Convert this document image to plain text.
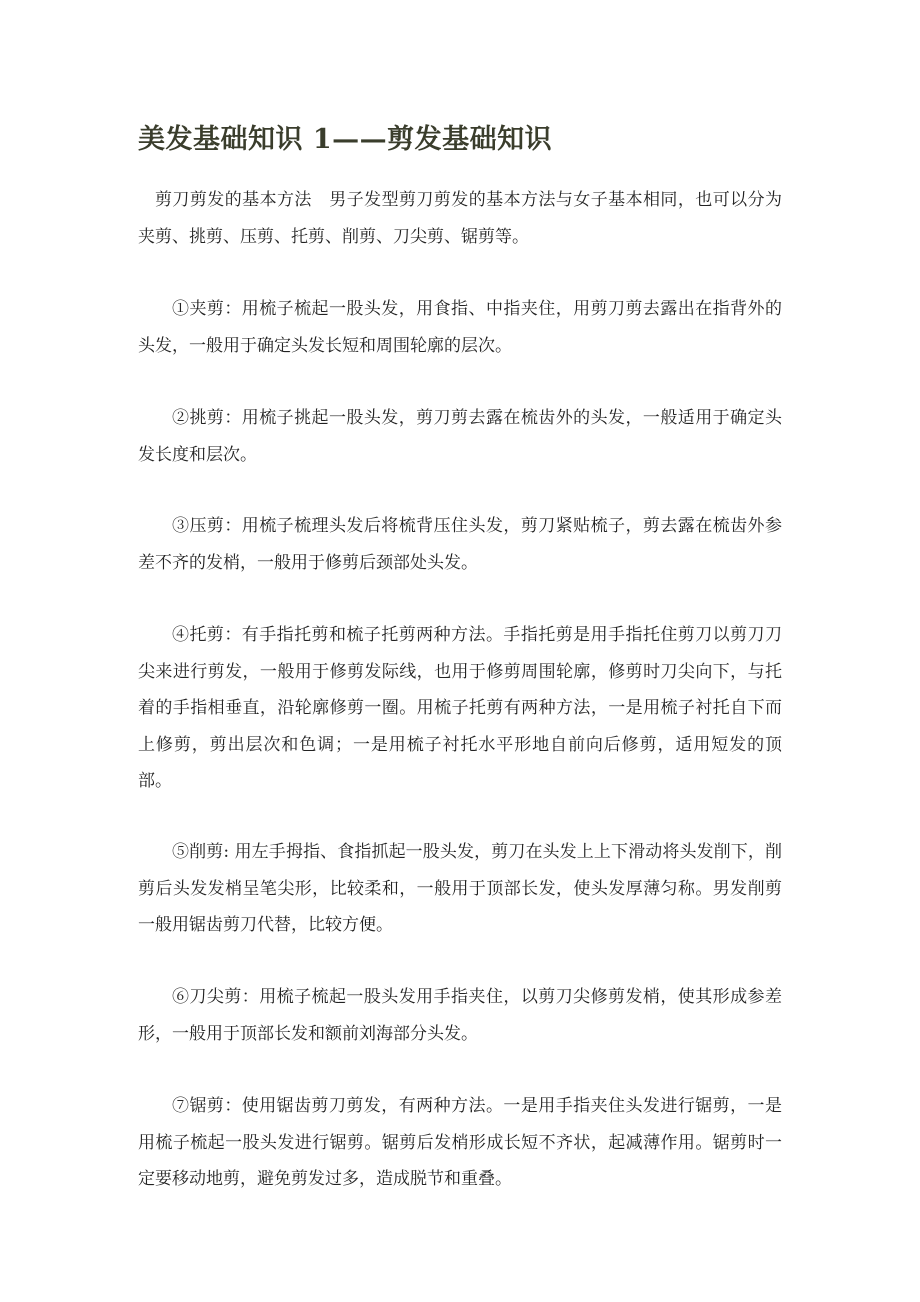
美发基础知识 1——剪发基础知识

剪刀剪发的基本方法　男子发型剪刀剪发的基本方法与女子基本相同，也可以分为夹剪、挑剪、压剪、托剪、削剪、刀尖剪、锯剪等。

①夹剪：用梳子梳起一股头发，用食指、中指夹住，用剪刀剪去露出在指背外的头发，一般用于确定头发长短和周围轮廓的层次。

②挑剪：用梳子挑起一股头发，剪刀剪去露在梳齿外的头发，一般适用于确定头发长度和层次。

③压剪：用梳子梳理头发后将梳背压住头发，剪刀紧贴梳子，剪去露在梳齿外参差不齐的发梢，一般用于修剪后颈部处头发。

④托剪：有手指托剪和梳子托剪两种方法。手指托剪是用手指托住剪刀以剪刀刀尖来进行剪发，一般用于修剪发际线，也用于修剪周围轮廓，修剪时刀尖向下，与托着的手指相垂直，沿轮廓修剪一圈。用梳子托剪有两种方法，一是用梳子衬托自下而上修剪，剪出层次和色调；一是用梳子衬托水平形地自前向后修剪，适用短发的顶部。

⑤削剪: 用左手拇指、食指抓起一股头发，剪刀在头发上上下滑动将头发削下，削剪后头发发梢呈笔尖形，比较柔和，一般用于顶部长发，使头发厚薄匀称。男发削剪一般用锯齿剪刀代替，比较方便。

⑥刀尖剪：用梳子梳起一股头发用手指夹住，以剪刀尖修剪发梢，使其形成参差形，一般用于顶部长发和额前刘海部分头发。

⑦锯剪：使用锯齿剪刀剪发，有两种方法。一是用手指夹住头发进行锯剪，一是用梳子梳起一股头发进行锯剪。锯剪后发梢形成长短不齐状，起减薄作用。锯剪时一定要移动地剪，避免剪发过多，造成脱节和重叠。
